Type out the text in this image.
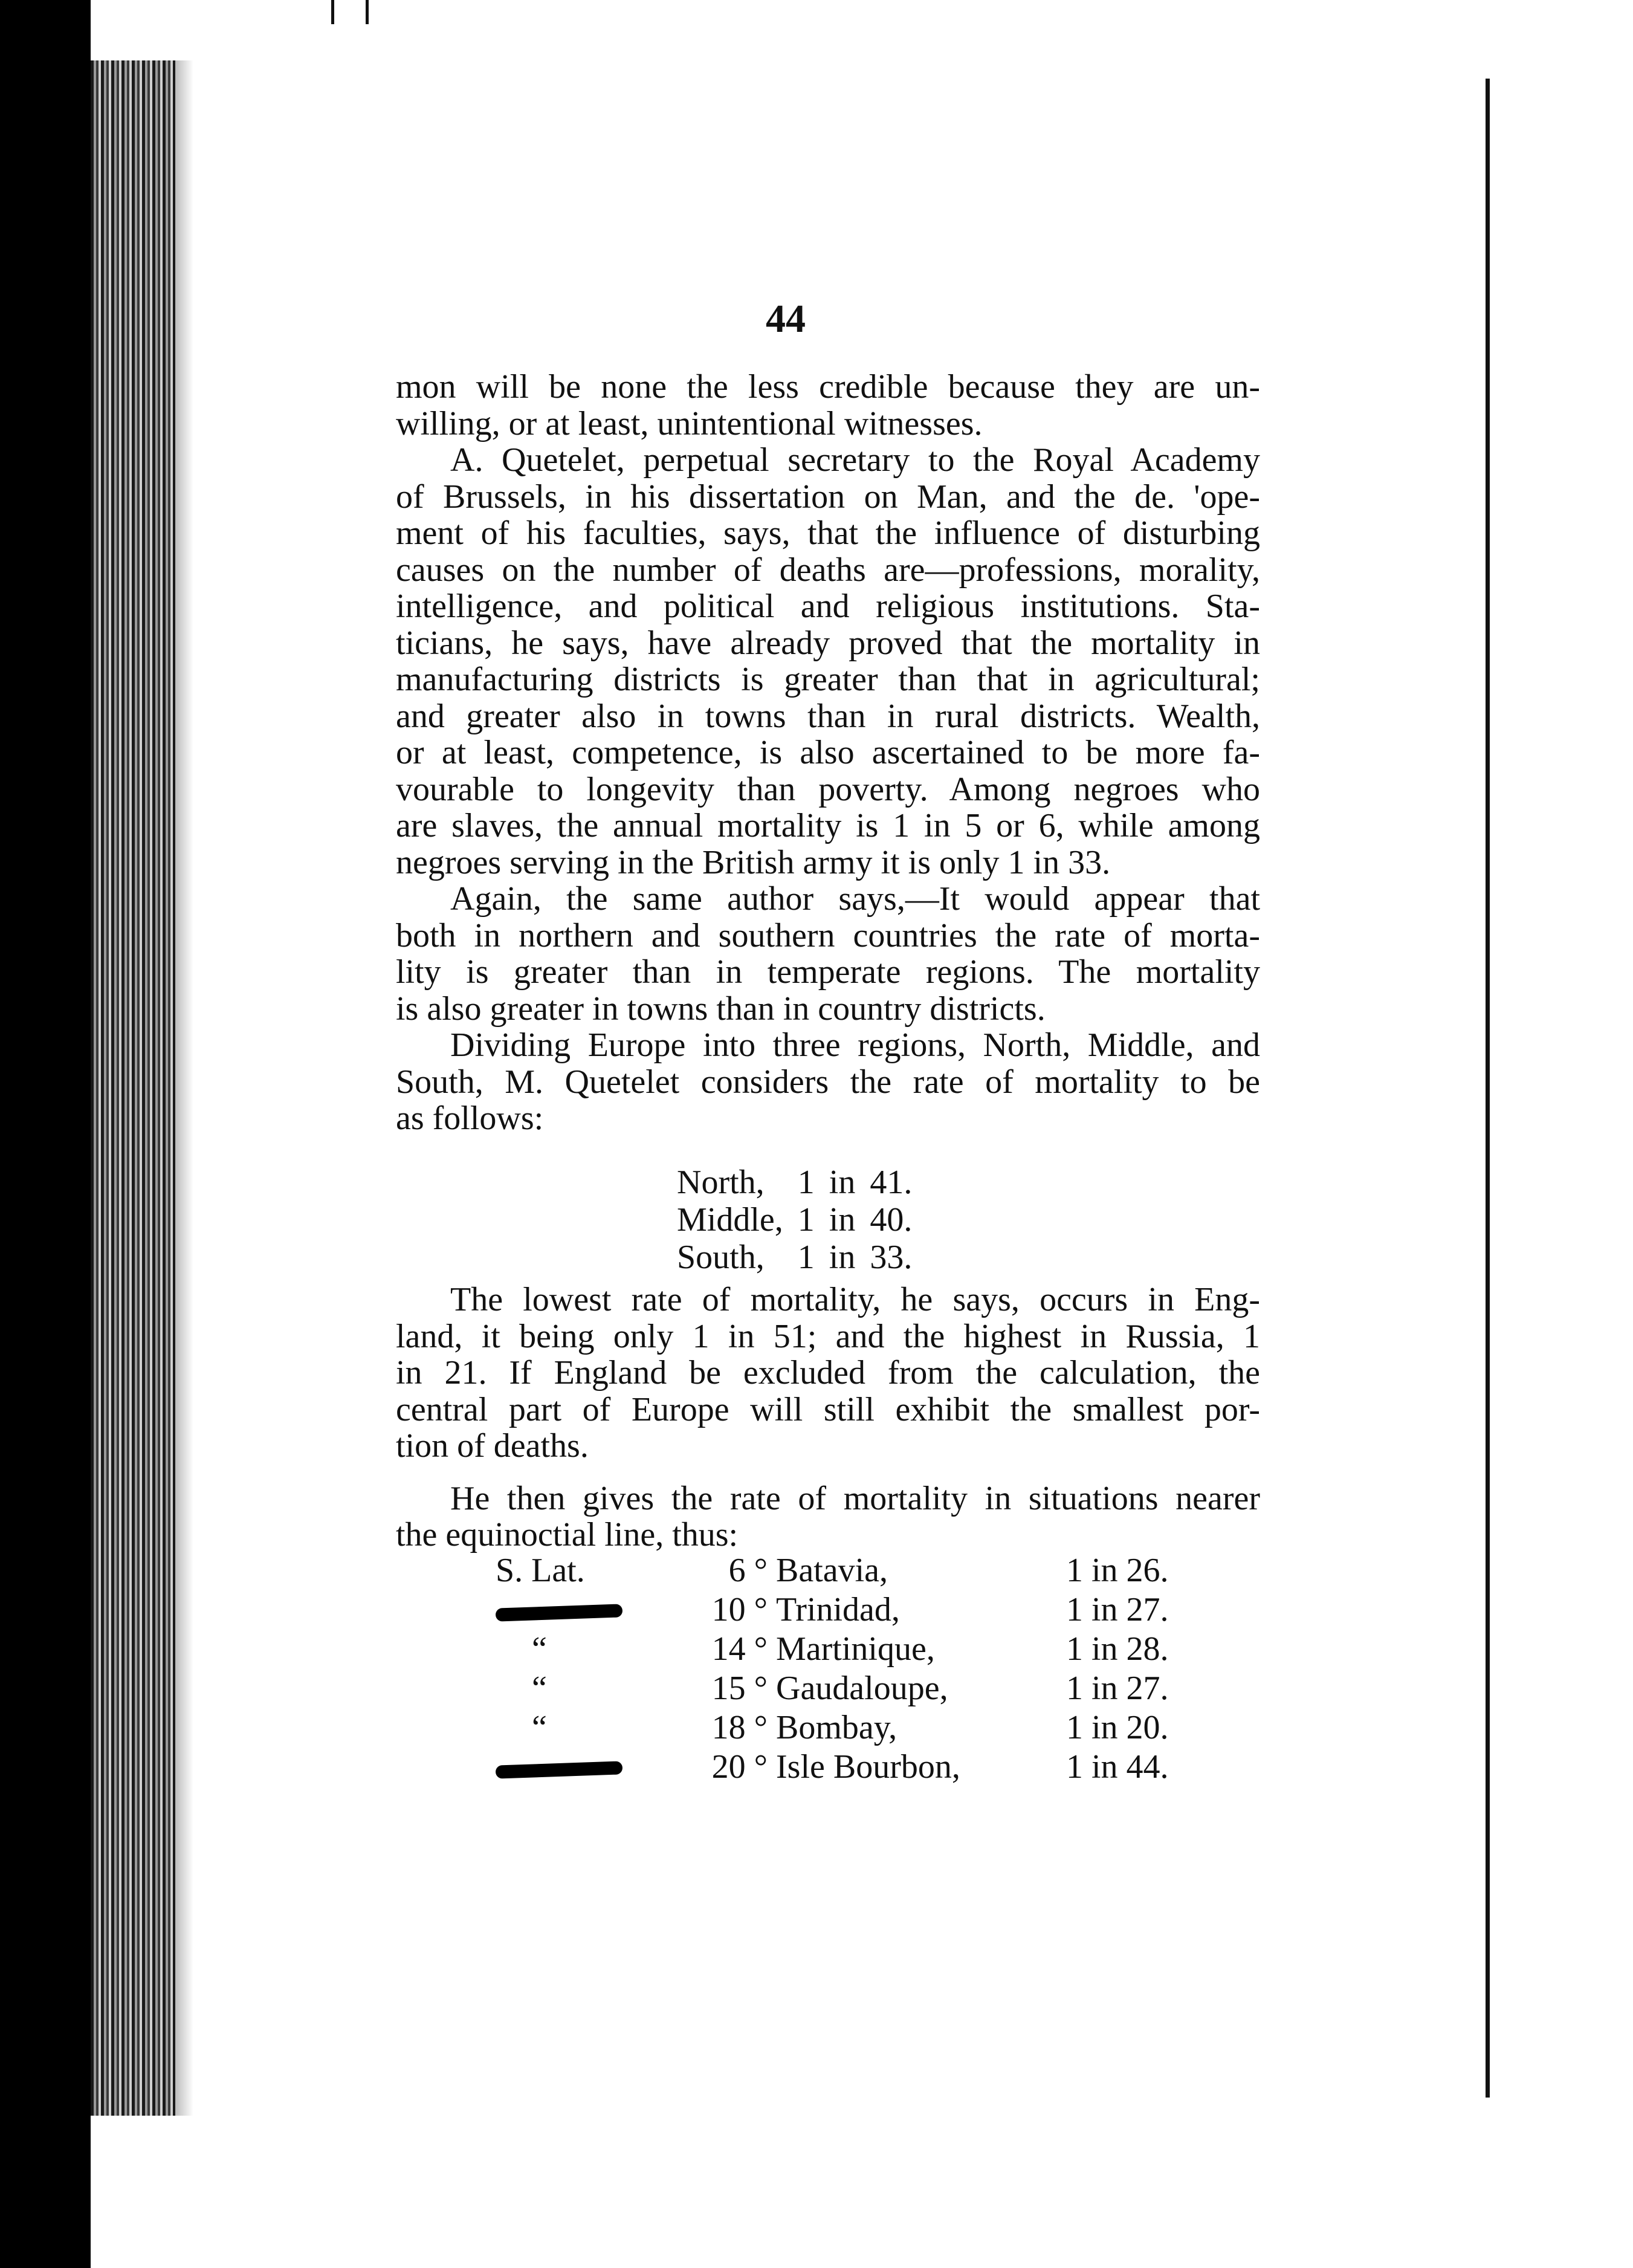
44
mon will be none the less credible because they are un-
willing, or at least, unintentional witnesses.
A. Quetelet, perpetual secretary to the Royal Academy
of Brussels, in his dissertation on Man, and the de. 'ope-
ment of his faculties, says, that the influence of disturbing
causes on the number of deaths are—professions, morality,
intelligence, and political and religious institutions. Sta-
ticians, he says, have already proved that the mortality in
manufacturing districts is greater than that in agricultural;
and greater also in towns than in rural districts. Wealth,
or at least, competence, is also ascertained to be more fa-
vourable to longevity than poverty. Among negroes who
are slaves, the annual mortality is 1 in 5 or 6, while among
negroes serving in the British army it is only 1 in 33.
Again, the same author says,—It would appear that
both in northern and southern countries the rate of morta-
lity is greater than in temperate regions. The mortality
is also greater in towns than in country districts.
Dividing Europe into three regions, North, Middle, and
South, M. Quetelet considers the rate of mortality to be
as follows:
North,	1	in	41.
Middle,	1	in	40.
South,	1	in	33.
The lowest rate of mortality, he says, occurs in Eng-
land, it being only 1 in 51; and the highest in Russia, 1
in 21. If England be excluded from the calculation, the
central part of Europe will still exhibit the smallest por-
tion of deaths.
He then gives the rate of mortality in situations nearer
the equinoctial line, thus:
S. Lat.	6 °	Batavia,	1 in 26.
	10 °	Trinidad,	1 in 27.
“	14 °	Martinique,	1 in 28.
“	15 °	Gaudaloupe,	1 in 27.
“	18 °	Bombay,	1 in 20.
	20 °	Isle Bourbon,	1 in 44.
